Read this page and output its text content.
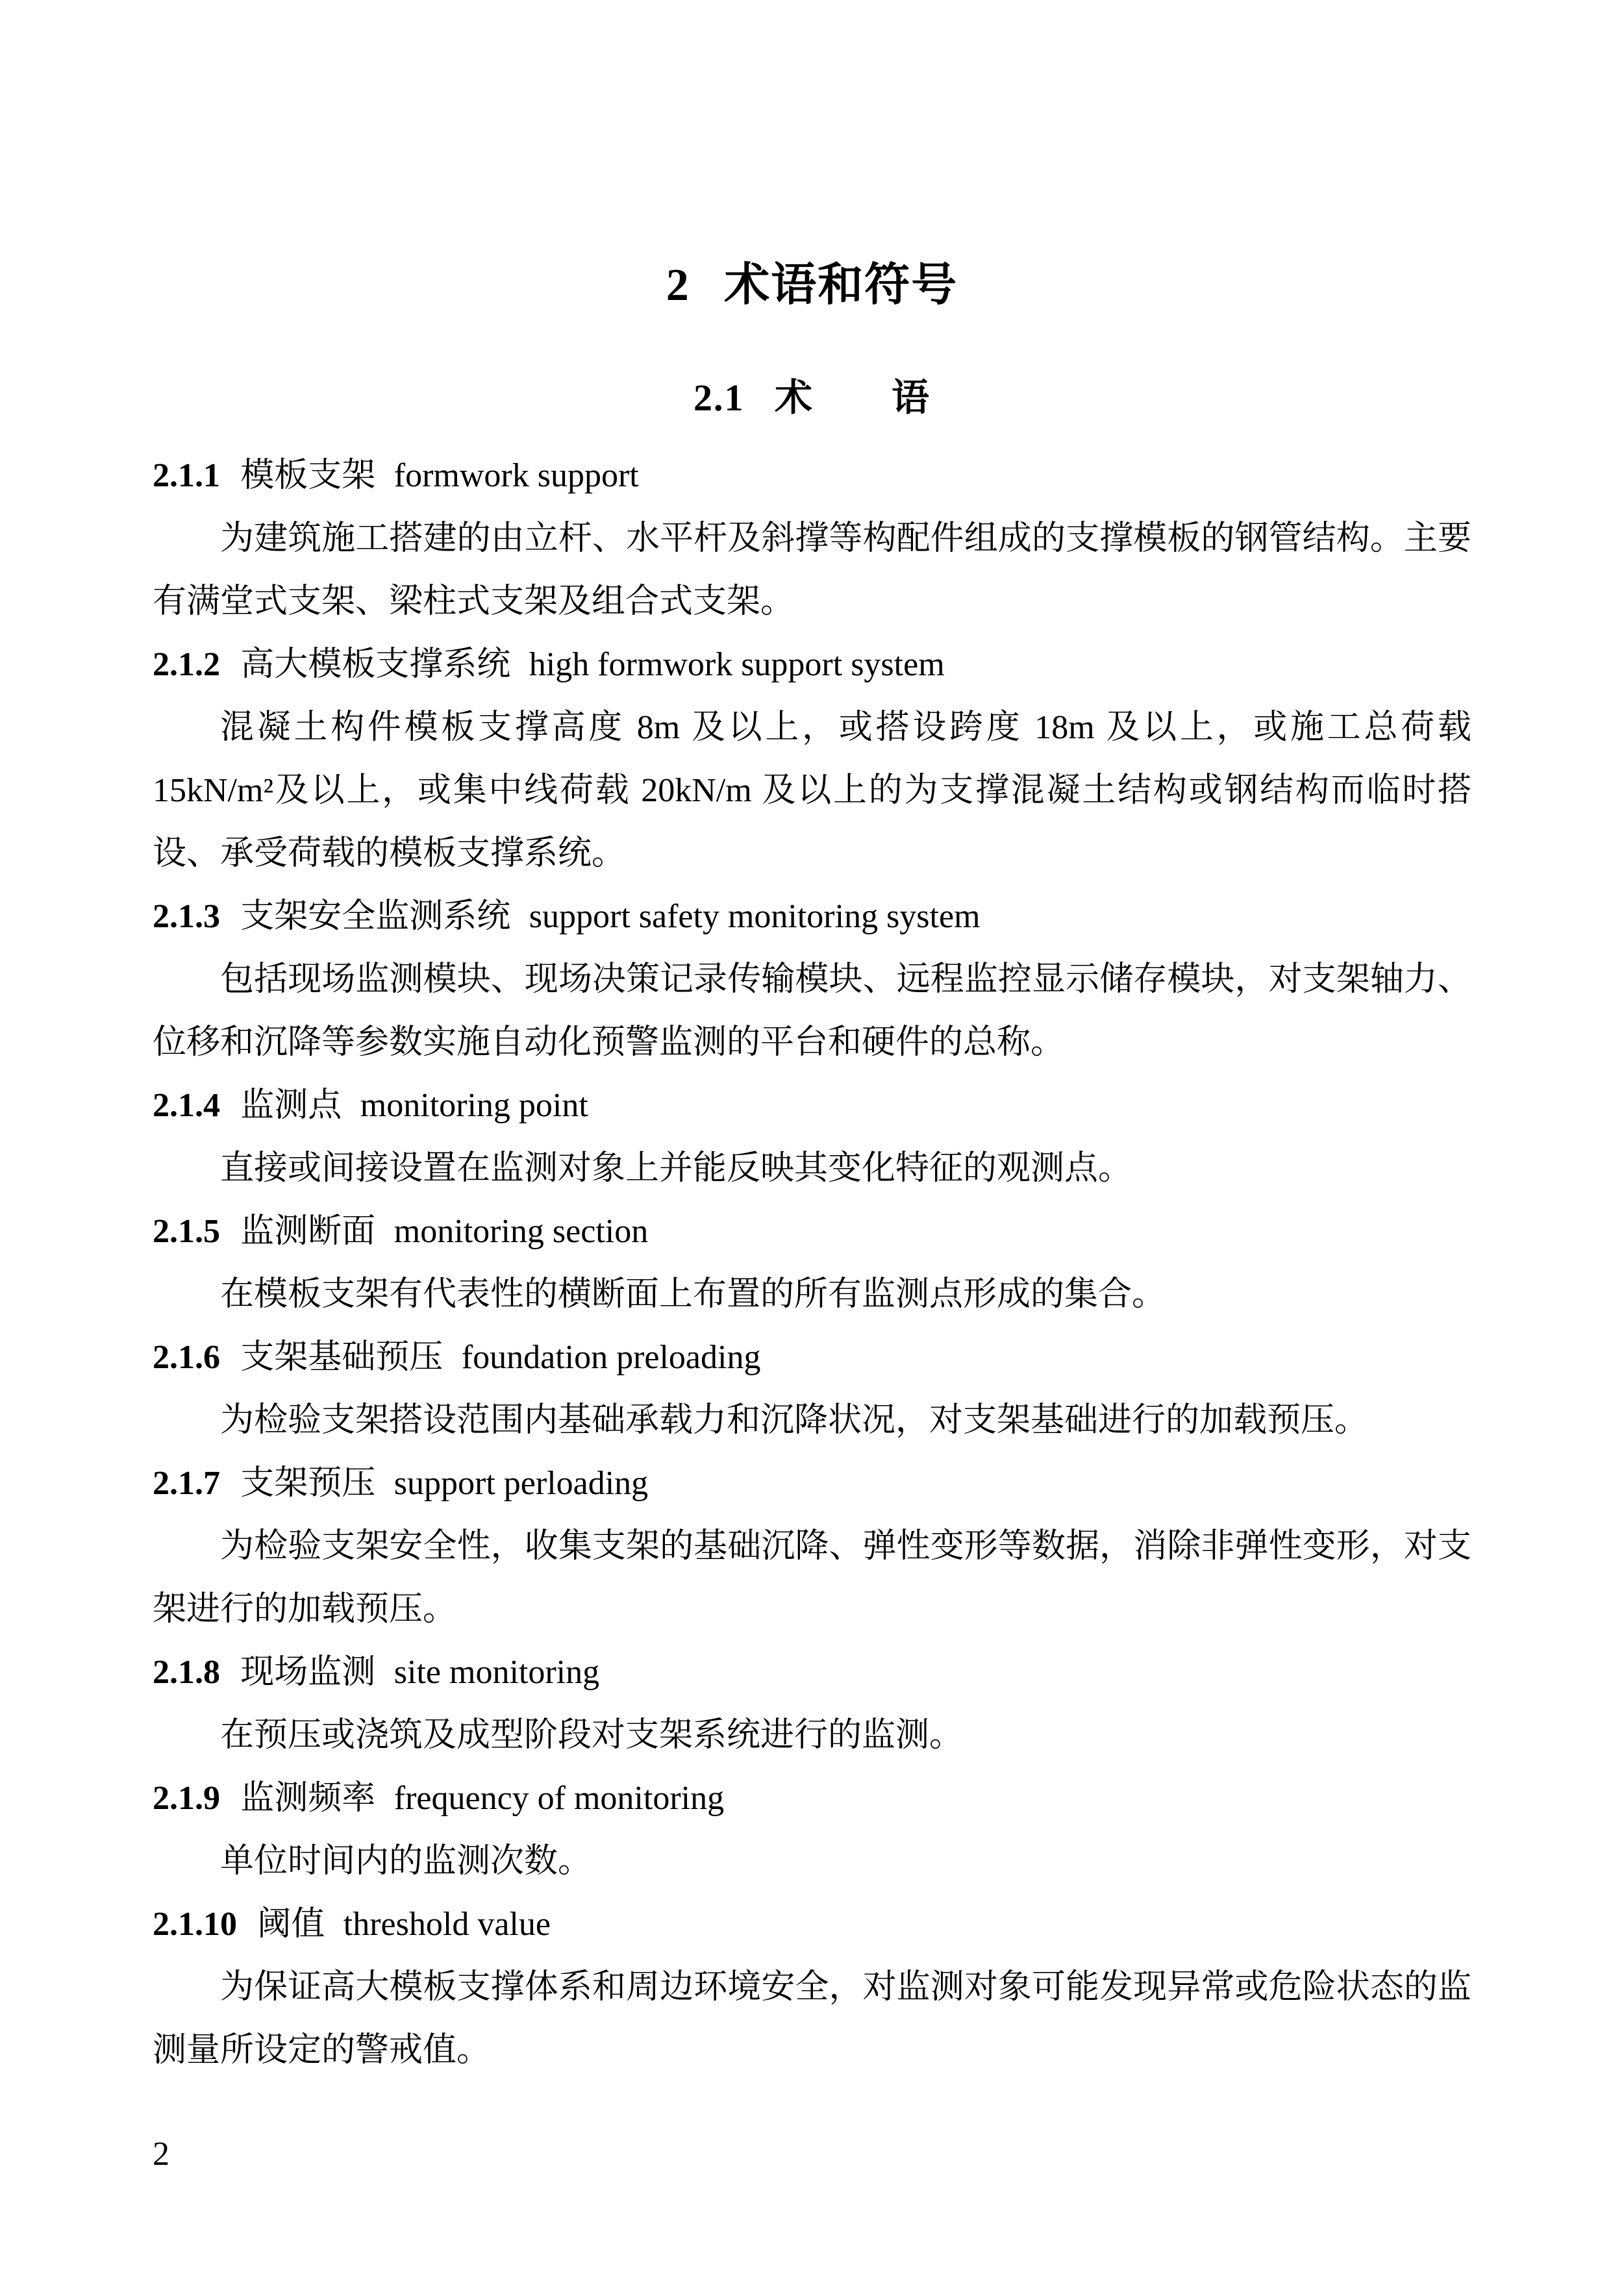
2 术语和符号
2.1 术　　语
2.1.1 模板支架 formwork support

为建筑施工搭建的由立杆、水平杆及斜撑等构配件组成的支撑模板的钢管结构。主要有满堂式支架、梁柱式支架及组合式支架。

2.1.2 高大模板支撑系统 high formwork support system

混凝土构件模板支撑高度 8m 及以上，或搭设跨度 18m 及以上，或施工总荷载 15kN/m²及以上，或集中线荷载 20kN/m 及以上的为支撑混凝土结构或钢结构而临时搭设、承受荷载的模板支撑系统。

2.1.3 支架安全监测系统 support safety monitoring system

包括现场监测模块、现场决策记录传输模块、远程监控显示储存模块，对支架轴力、位移和沉降等参数实施自动化预警监测的平台和硬件的总称。

2.1.4 监测点 monitoring point

直接或间接设置在监测对象上并能反映其变化特征的观测点。

2.1.5 监测断面 monitoring section

在模板支架有代表性的横断面上布置的所有监测点形成的集合。

2.1.6 支架基础预压 foundation preloading

为检验支架搭设范围内基础承载力和沉降状况，对支架基础进行的加载预压。

2.1.7 支架预压 support perloading

为检验支架安全性，收集支架的基础沉降、弹性变形等数据，消除非弹性变形，对支架进行的加载预压。

2.1.8 现场监测 site monitoring

在预压或浇筑及成型阶段对支架系统进行的监测。

2.1.9 监测频率 frequency of monitoring

单位时间内的监测次数。

2.1.10 阈值 threshold value

为保证高大模板支撑体系和周边环境安全，对监测对象可能发现异常或危险状态的监测量所设定的警戒值。

2
